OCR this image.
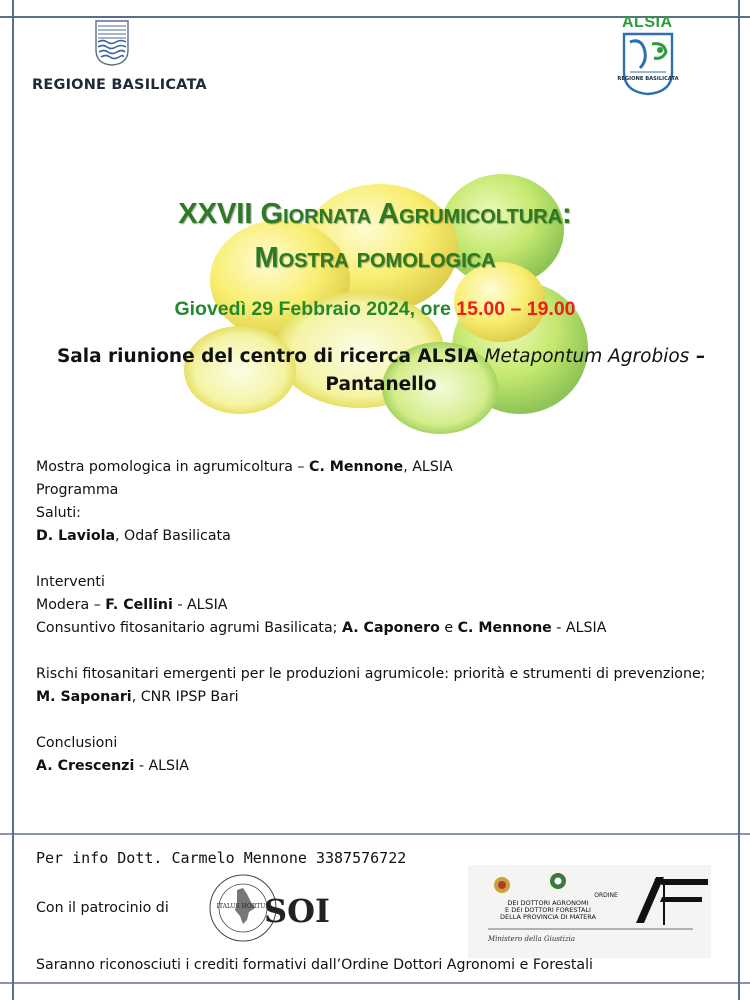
REGIONE BASILICATA
ALSIA
REGIONE BASILICATA
XXVII Giornata Agrumicoltura:
Mostra pomologica
Giovedì 29 Febbraio 2024, ore 15.00 – 19.00
Sala riunione del centro di ricerca ALSIA Metapontum Agrobios –
Pantanello
Mostra pomologica in agrumicoltura – C. Mennone, ALSIA
Programma
Saluti:
D. Laviola, Odaf Basilicata
Interventi
Modera – F. Cellini - ALSIA
Consuntivo fitosanitario agrumi Basilicata; A. Caponero e C. Mennone - ALSIA
Rischi fitosanitari emergenti per le produzioni agrumicole: priorità e strumenti di prevenzione; M. Saponari, CNR IPSP Bari
Conclusioni
A. Crescenzi - ALSIA
Per info Dott. Carmelo Mennone 3387576722
Con il patrocinio di	ITALUS HORTUS
SOI	ORDINE
DEI DOTTORI AGRONOMI
E DEI DOTTORI FORESTALI
DELLA PROVINCIA DI MATERA
Ministero della Giustizia
Saranno riconosciuti i crediti formativi dall’Ordine Dottori Agronomi e Forestali
